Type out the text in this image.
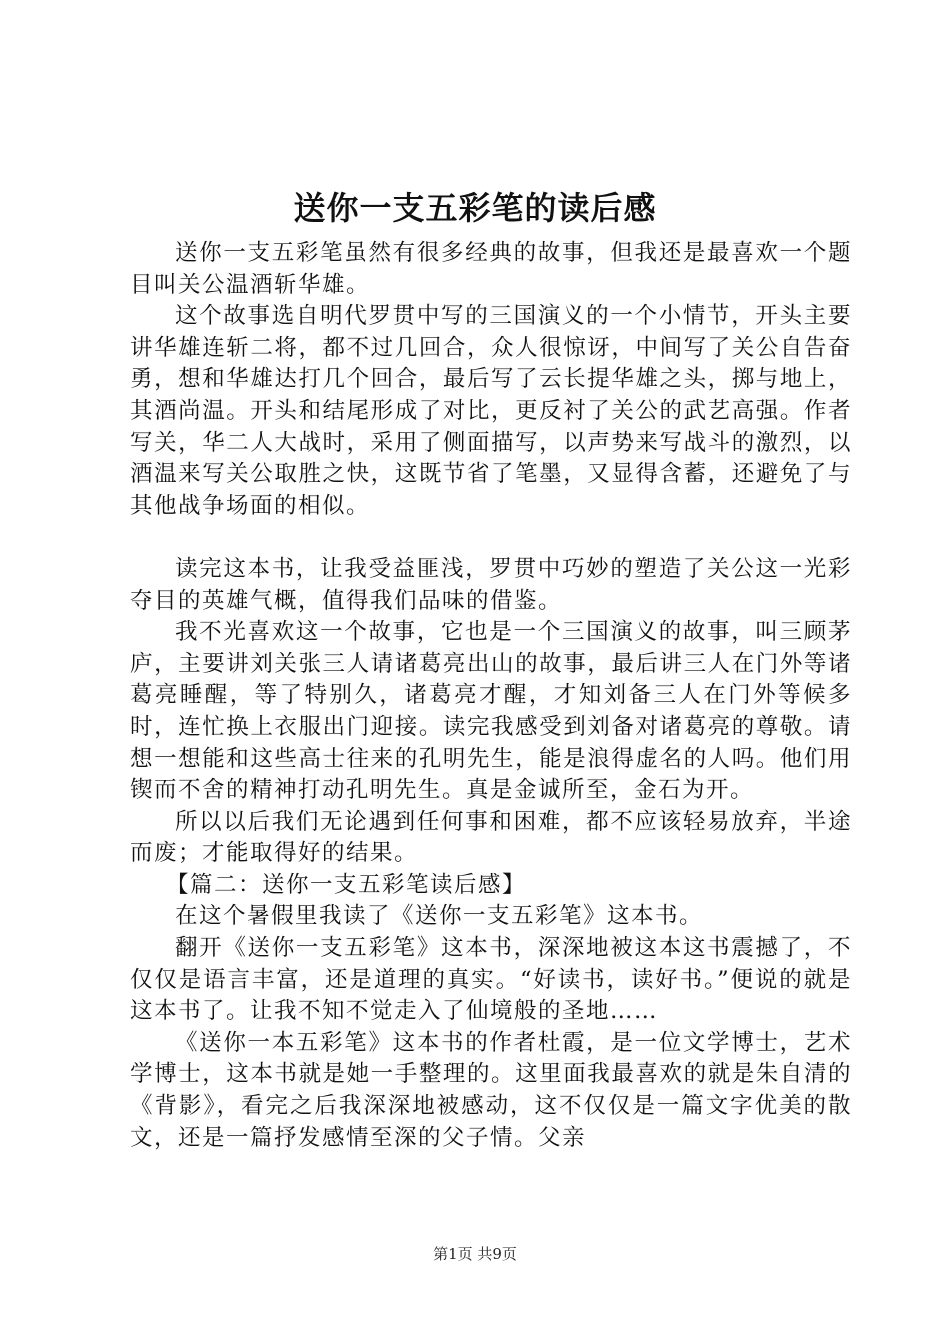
送你一支五彩笔的读后感

送你一支五彩笔虽然有很多经典的故事，但我还是最喜欢一个题目叫关公温酒斩华雄。

这个故事选自明代罗贯中写的三国演义的一个小情节，开头主要讲华雄连斩二将，都不过几回合，众人很惊讶，中间写了关公自告奋勇，想和华雄达打几个回合，最后写了云长提华雄之头，掷与地上，其酒尚温。开头和结尾形成了对比，更反衬了关公的武艺高强。作者写关，华二人大战时，采用了侧面描写，以声势来写战斗的激烈，以酒温来写关公取胜之快，这既节省了笔墨，又显得含蓄，还避免了与其他战争场面的相似。

读完这本书，让我受益匪浅，罗贯中巧妙的塑造了关公这一光彩夺目的英雄气概，值得我们品味的借鉴。

我不光喜欢这一个故事，它也是一个三国演义的故事，叫三顾茅庐，主要讲刘关张三人请诸葛亮出山的故事，最后讲三人在门外等诸葛亮睡醒，等了特别久，诸葛亮才醒，才知刘备三人在门外等候多时，连忙换上衣服出门迎接。读完我感受到刘备对诸葛亮的尊敬。请想一想能和这些高士往来的孔明先生，能是浪得虚名的人吗。他们用锲而不舍的精神打动孔明先生。真是金诚所至，金石为开。

所以以后我们无论遇到任何事和困难，都不应该轻易放弃，半途而废；才能取得好的结果。

【篇二：送你一支五彩笔读后感】

在这个暑假里我读了《送你一支五彩笔》这本书。

翻开《送你一支五彩笔》这本书，深深地被这本这书震撼了，不仅仅是语言丰富，还是道理的真实。“好读书，读好书。”便说的就是这本书了。让我不知不觉走入了仙境般的圣地……

《送你一本五彩笔》这本书的作者杜霞，是一位文学博士，艺术学博士，这本书就是她一手整理的。这里面我最喜欢的就是朱自清的《背影》，看完之后我深深地被感动，这不仅仅是一篇文字优美的散文，还是一篇抒发感情至深的父子情。父亲

第1页 共9页
